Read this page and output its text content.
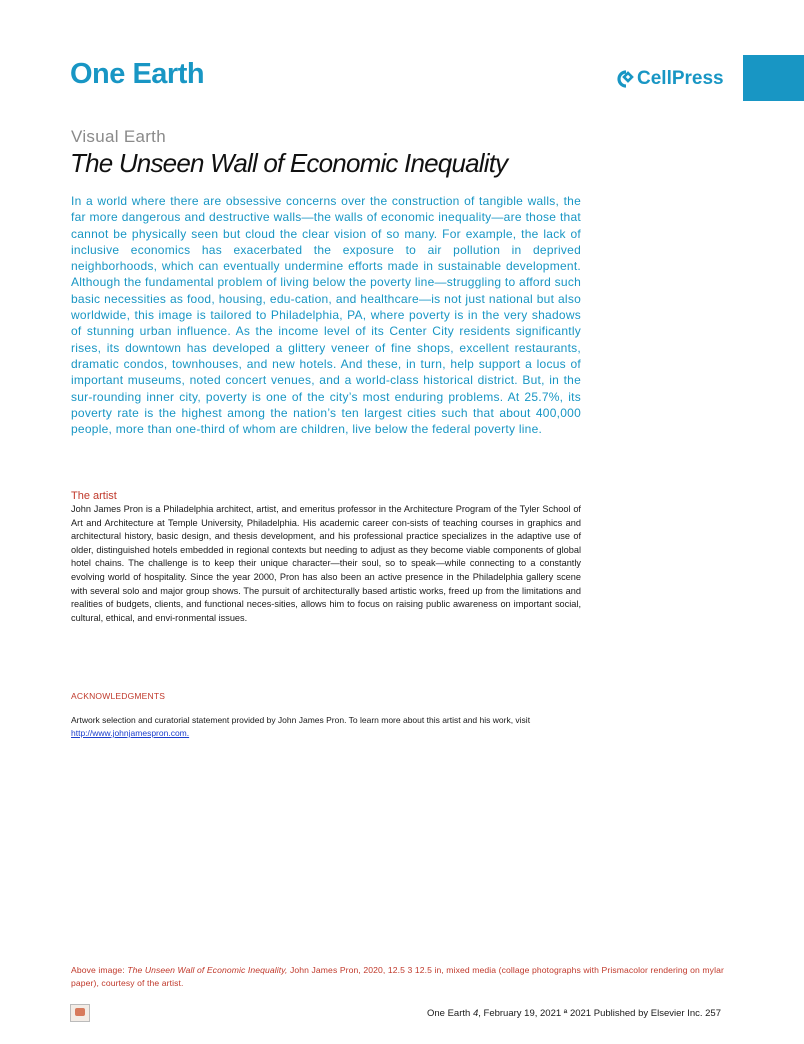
One Earth	CellPress
Visual Earth
The Unseen Wall of Economic Inequality

In a world where there are obsessive concerns over the construction of tangible walls, the far more dangerous and destructive walls—the walls of economic inequality—are those that cannot be physically seen but cloud the clear vision of so many. For example, the lack of inclusive economics has exacerbated the exposure to air pollution in deprived neighborhoods, which can eventually undermine efforts made in sustainable development. Although the fundamental problem of living below the poverty line—struggling to afford such basic necessities as food, housing, edu-cation, and healthcare—is not just national but also worldwide, this image is tailored to Philadelphia, PA, where poverty is in the very shadows of stunning urban influence. As the income level of its Center City residents significantly rises, its downtown has developed a glittery veneer of fine shops, excellent restaurants, dramatic condos, townhouses, and new hotels. And these, in turn, help support a locus of important museums, noted concert venues, and a world-class historical district. But, in the sur-rounding inner city, poverty is one of the city’s most enduring problems. At 25.7%, its poverty rate is the highest among the nation’s ten largest cities such that about 400,000 people, more than one-third of whom are children, live below the federal poverty line.

The artist

John James Pron is a Philadelphia architect, artist, and emeritus professor in the Architecture Program of the Tyler School of Art and Architecture at Temple University, Philadelphia. His academic career con-sists of teaching courses in graphics and architectural history, basic design, and thesis development, and his professional practice specializes in the adaptive use of older, distinguished hotels embedded in regional contexts but needing to adjust as they become viable components of global hotel chains. The challenge is to keep their unique character—their soul, so to speak—while connecting to a constantly evolving world of hospitality. Since the year 2000, Pron has also been an active presence in the Philadelphia gallery scene with several solo and major group shows. The pursuit of architecturally based artistic works, freed up from the limitations and realities of budgets, clients, and functional neces-sities, allows him to focus on raising public awareness on important social, cultural, ethical, and envi-ronmental issues.

ACKNOWLEDGMENTS

Artwork selection and curatorial statement provided by John James Pron. To learn more about this artist and his work, visit
http://www.johnjamespron.com.

Above image: The Unseen Wall of Economic Inequality, John James Pron, 2020, 12.5 3 12.5 in, mixed media (collage photographs with Prismacolor rendering on mylar paper), courtesy of the artist.

One Earth 4, February 19, 2021 ª 2021 Published by Elsevier Inc. 257
